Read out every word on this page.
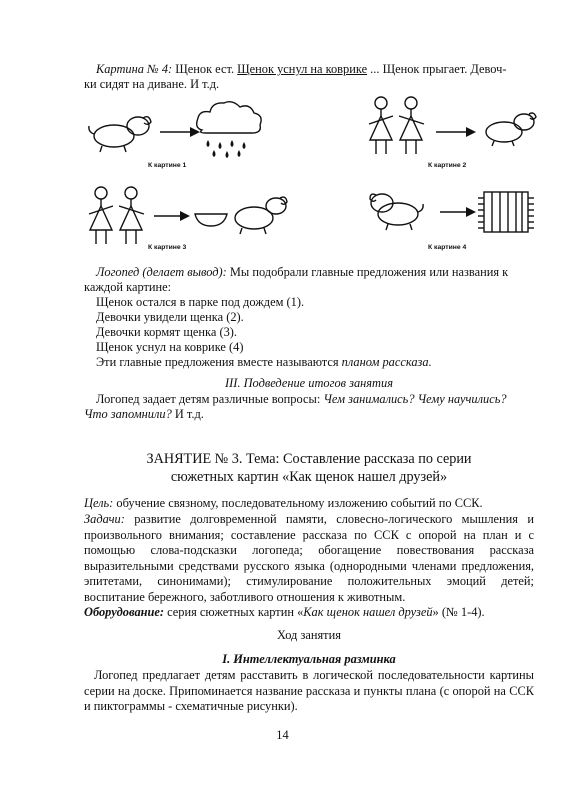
Картина № 4: Щенок ест. Щенок уснул на коврике ... Щенок прыгает. Девоч-

ки сидят на диване. И т.д.

К картине 1	К картине 2
К картине 3	К картине 4

Логопед (делает вывод): Мы подобрали главные предложения или названия к

каждой картине:

Щенок остался в парке под дождем (1).

Девочки увидели щенка (2).

Девочки кормят щенка (3).

Щенок уснул на коврике (4)

Эти главные предложения вместе называются планом рассказа.

III. Подведение итогов занятия

Логопед задает детям различные вопросы: Чем занимались? Чему научились?

Что запомнили? И т.д.

ЗАНЯТИЕ № 3. Тема: Составление рассказа по серии

сюжетных картин «Как щенок нашел друзей»

Цель: обучение связному, последовательному изложению событий по ССК.

Задачи: развитие долговременной памяти, словесно-логического мышления и произвольного внимания; составление рассказа по ССК с опорой на план и с помощью слова-подсказки логопеда; обогащение повествования рассказа выразительными средствами русского языка (однородными членами предложения, эпитетами, синонимами); стимулирование положительных эмоций детей; воспитание бережного, заботливого отношения к животным.

Оборудование: серия сюжетных картин «Как щенок нашел друзей» (№ 1-4).

Ход занятия

I. Интеллектуальная разминка

Логопед предлагает детям расставить в логической последовательности картины серии на доске. Припоминается название рассказа и пункты плана (с опорой на ССК и пиктограммы - схематичные рисунки).

14
